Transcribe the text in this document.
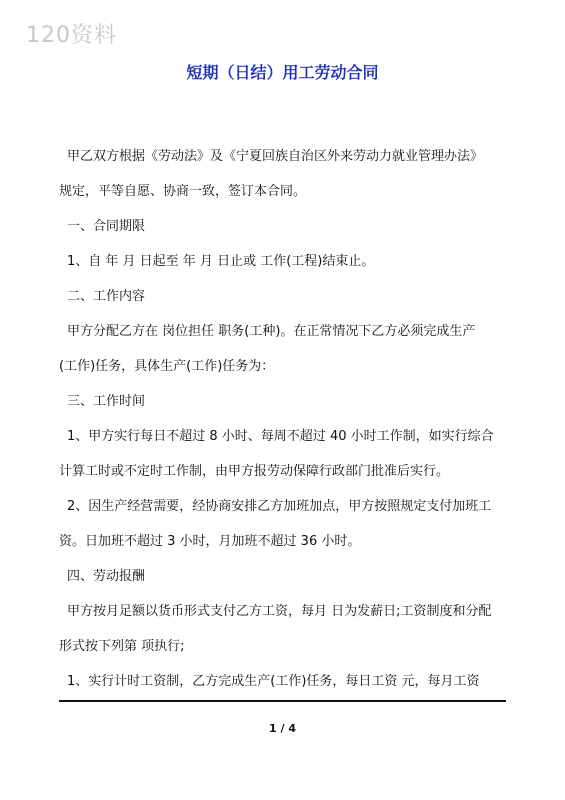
120资料
短期（日结）用工劳动合同
甲乙双方根据《劳动法》及《宁夏回族自治区外来劳动力就业管理办法》
规定，平等自愿、协商一致，签订本合同。
一、合同期限
1、自 年 月 日起至 年 月 日止或 工作(工程)结束止。
二、工作内容
甲方分配乙方在 岗位担任 职务(工种)。在正常情况下乙方必须完成生产
(工作)任务，具体生产(工作)任务为：
三、工作时间
1、甲方实行每日不超过 8 小时、每周不超过 40 小时工作制，如实行综合
计算工时或不定时工作制，由甲方报劳动保障行政部门批准后实行。
2、因生产经营需要，经协商安排乙方加班加点，甲方按照规定支付加班工
资。日加班不超过 3 小时，月加班不超过 36 小时。
四、劳动报酬
甲方按月足额以货币形式支付乙方工资，每月 日为发薪日;工资制度和分配
形式按下列第 项执行;
1、实行计时工资制，乙方完成生产(工作)任务，每日工资 元，每月工资
1 / 4
